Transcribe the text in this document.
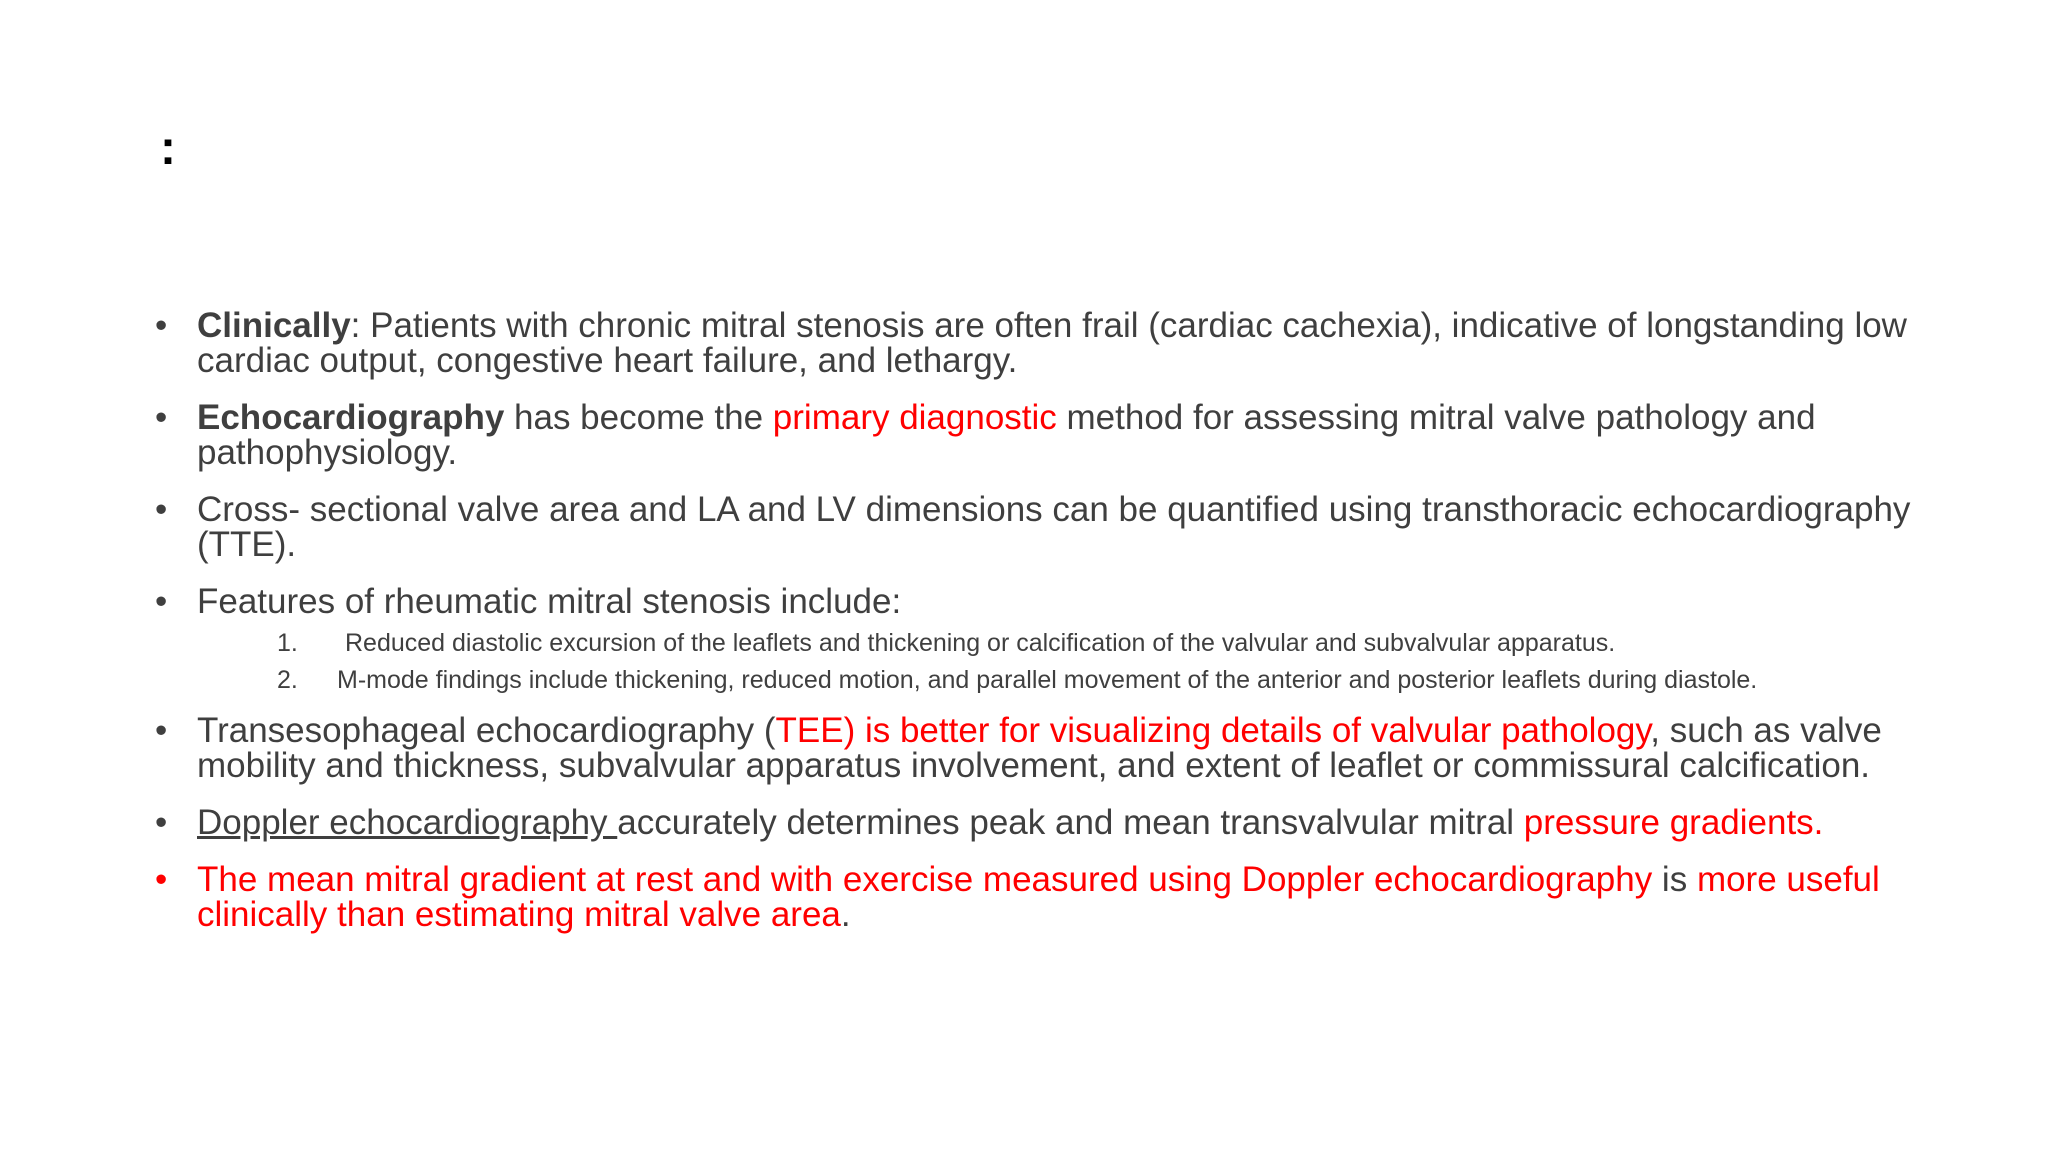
:
• Clinically: Patients with chronic mitral stenosis are often frail (cardiac cachexia), indicative of longstanding low cardiac output, congestive heart failure, and lethargy.
• Echocardiography has become the primary diagnostic method for assessing mitral valve pathology and pathophysiology.
• Cross- sectional valve area and LA and LV dimensions can be quantified using transthoracic echocardiography (TTE).
• Features of rheumatic mitral stenosis include:
1. Reduced diastolic excursion of the leaflets and thickening or calcification of the valvular and subvalvular apparatus.
2. M-mode findings include thickening, reduced motion, and parallel movement of the anterior and posterior leaflets during diastole.
• Transesophageal echocardiography (TEE) is better for visualizing details of valvular pathology, such as valve mobility and thickness, subvalvular apparatus involvement, and extent of leaflet or commissural calcification.
• Doppler echocardiography accurately determines peak and mean transvalvular mitral pressure gradients.
• The mean mitral gradient at rest and with exercise measured using Doppler echocardiography is more useful clinically than estimating mitral valve area.
